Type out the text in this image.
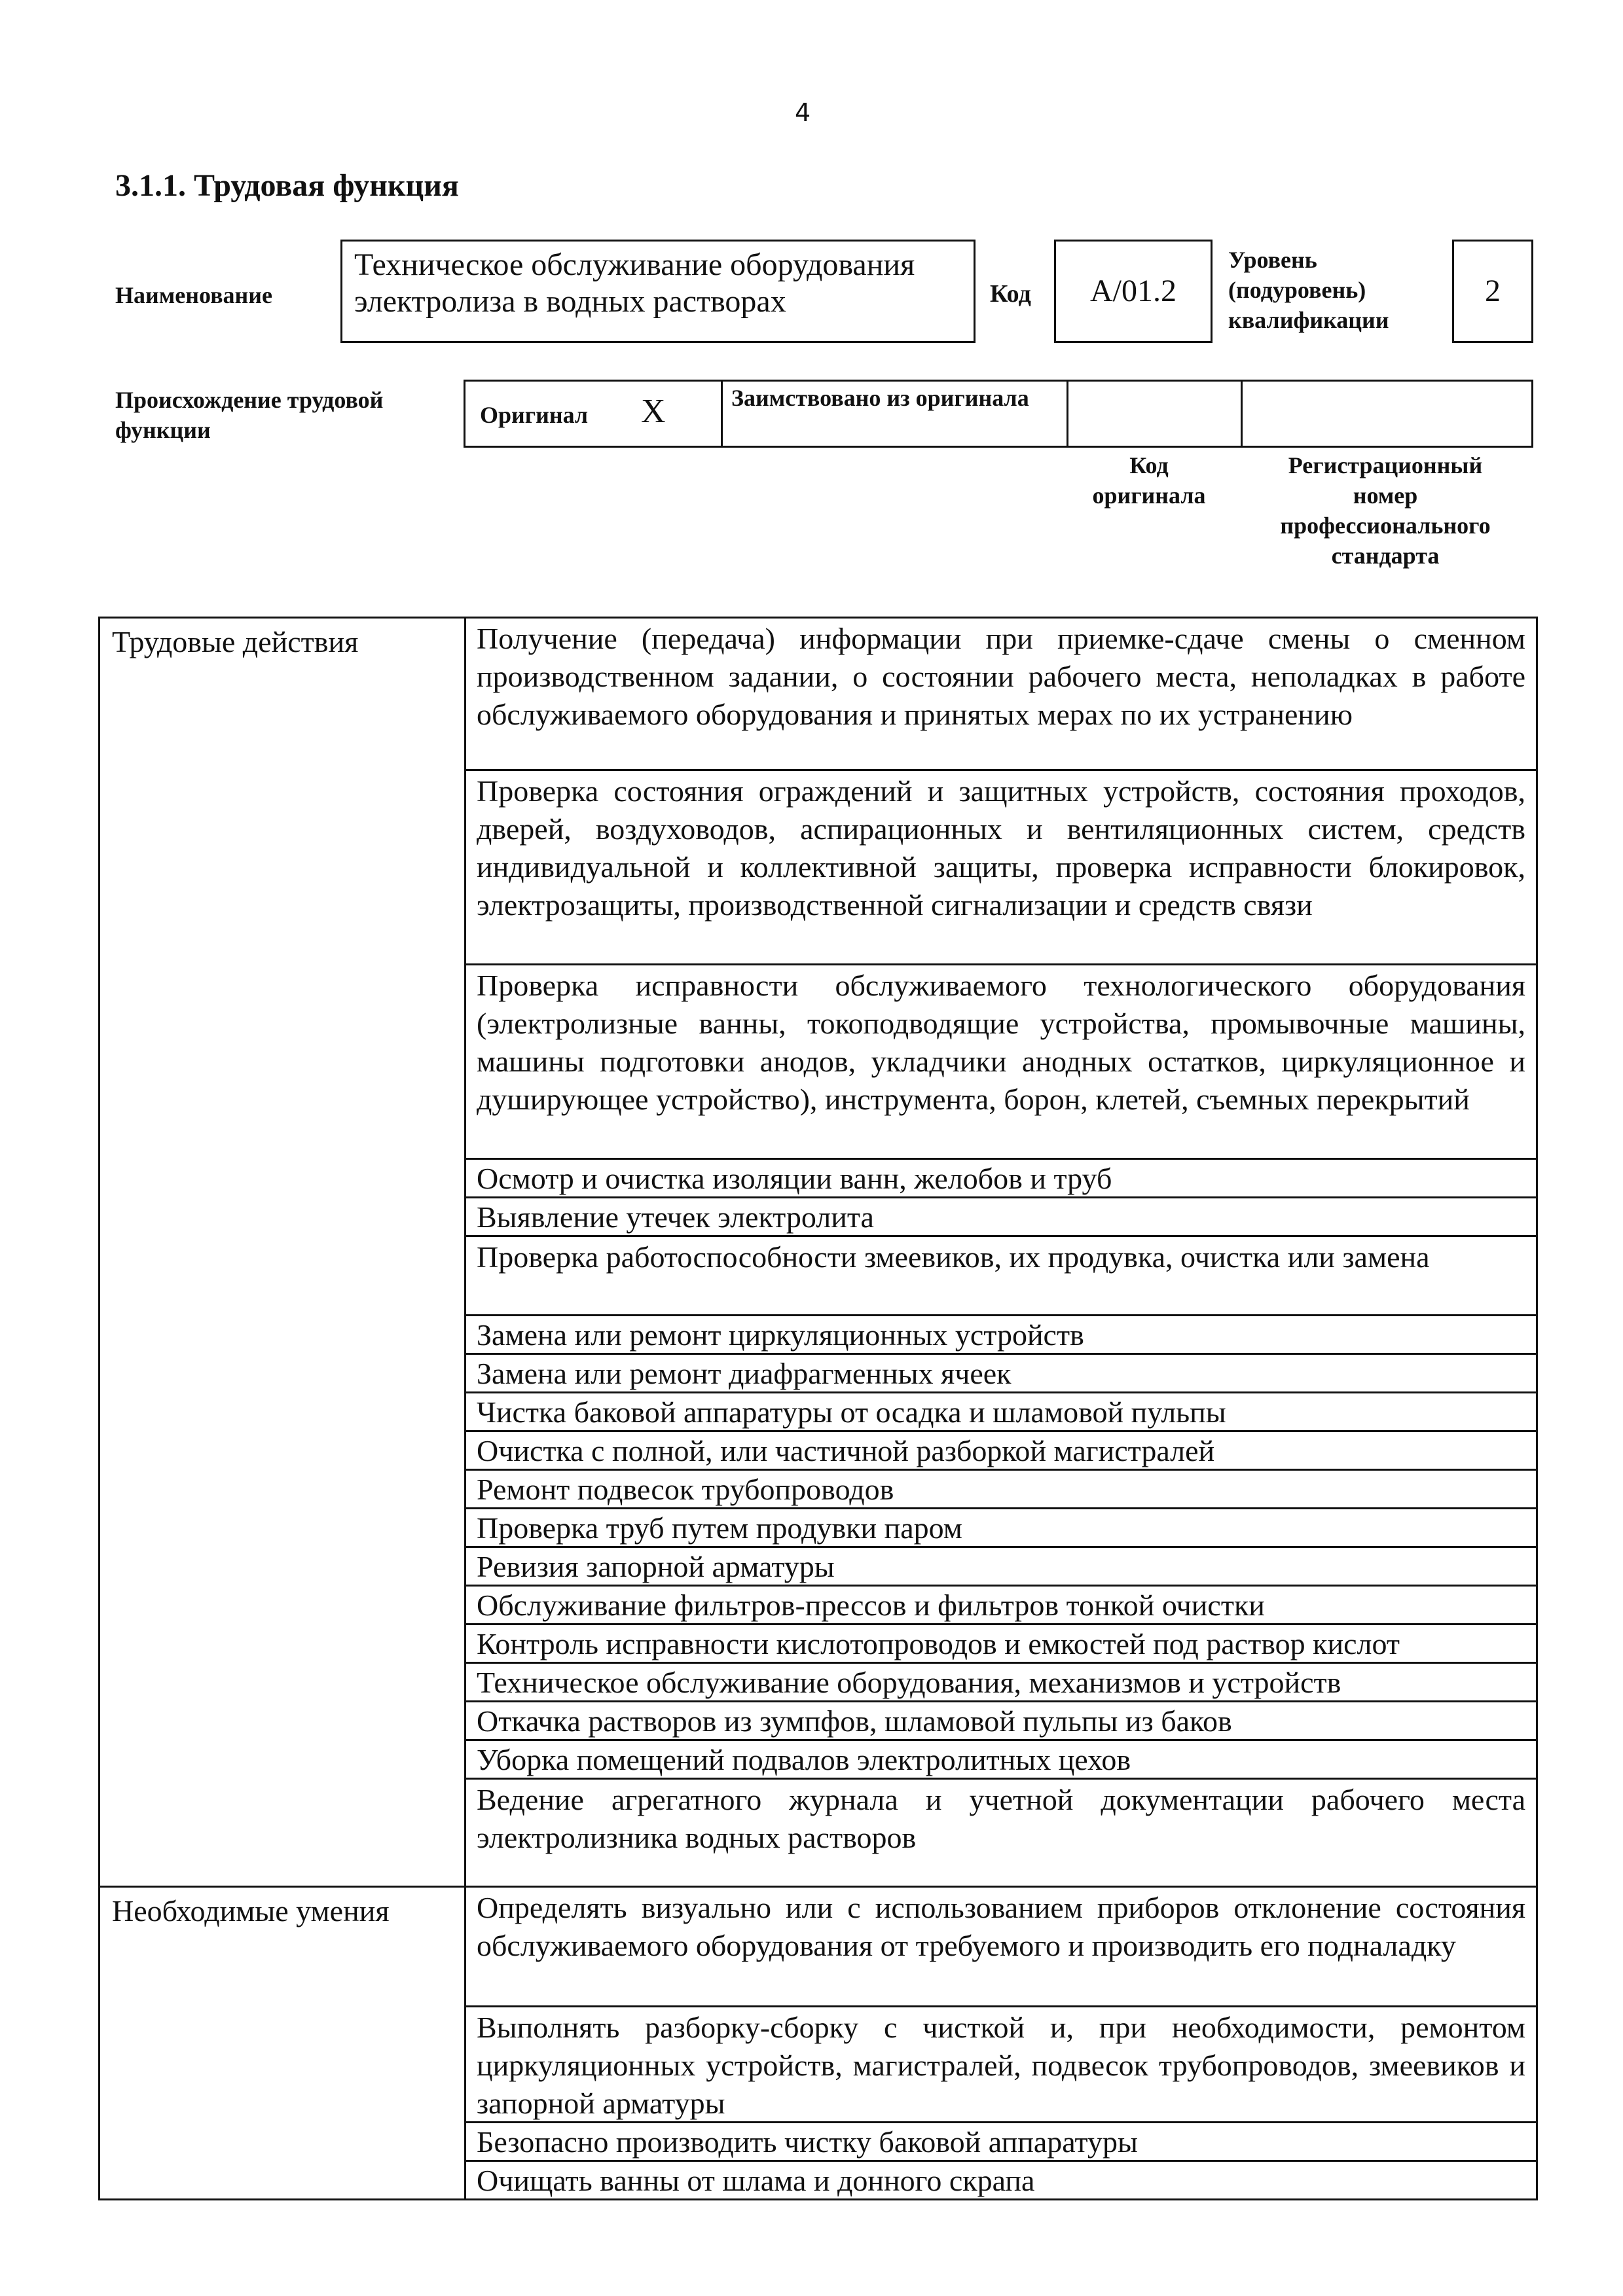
4
3.1.1. Трудовая функция
Наименование
Техническое обслуживание оборудования электролиза в водных растворах	Код А/01.2
Уровень (подуровень) квалификации
2
Происхождение трудовой функции
Оригинал X	Заимствовано из оригинала
Код оригинала
Регистрационный номер профессионального стандарта
Трудовые действия	Получение (передача) информации при приемке-сдаче смены о сменном производственном задании, о состоянии рабочего места, неполадках в работе обслуживаемого оборудования и принятых мерах по их устранению
Проверка состояния ограждений и защитных устройств, состояния проходов, дверей, воздуховодов, аспирационных и вентиляционных систем, средств индивидуальной и коллективной защиты, проверка исправности блокировок, электрозащиты, производственной сигнализации и средств связи
Проверка исправности обслуживаемого технологического оборудования (электролизные ванны, токоподводящие устройства, промывочные машины, машины подготовки анодов, укладчики анодных остатков, циркуляционное и душирующее устройство), инструмента, борон, клетей, съемных перекрытий
Осмотр и очистка изоляции ванн, желобов и труб
Выявление утечек электролита
Проверка работоспособности змеевиков, их продувка, очистка или замена
Замена или ремонт циркуляционных устройств
Замена или ремонт диафрагменных ячеек
Чистка баковой аппаратуры от осадка и шламовой пульпы
Очистка с полной, или частичной разборкой магистралей
Ремонт подвесок трубопроводов
Проверка труб путем продувки паром
Ревизия запорной арматуры
Обслуживание фильтров-прессов и фильтров тонкой очистки
Контроль исправности кислотопроводов и емкостей под раствор кислот
Техническое обслуживание оборудования, механизмов и устройств
Откачка растворов из зумпфов, шламовой пульпы из баков
Уборка помещений подвалов электролитных цехов
Ведение агрегатного журнала и учетной документации рабочего места электролизника водных растворов
Необходимые умения	Определять визуально или с использованием приборов отклонение состояния обслуживаемого оборудования от требуемого и производить его подналадку
Выполнять разборку-сборку с чисткой и, при необходимости, ремонтом циркуляционных устройств, магистралей, подвесок трубопроводов, змеевиков и запорной арматуры
Безопасно производить чистку баковой аппаратуры
Очищать ванны от шлама и донного скрапа
